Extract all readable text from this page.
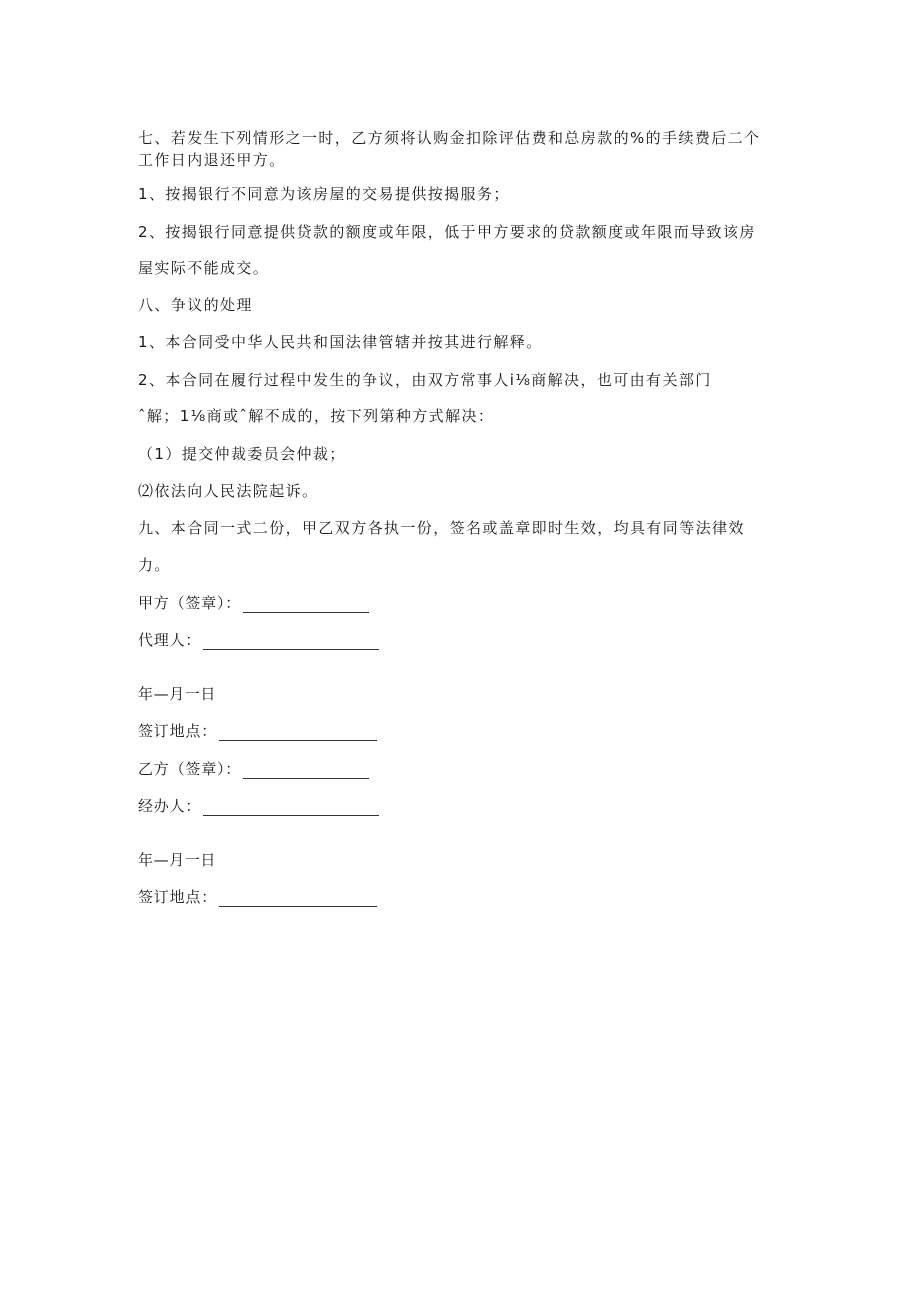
七、若发生下列情形之一时，乙方须将认购金扣除评估费和总房款的%的手续费后二个
工作日内退还甲方。
1、按揭银行不同意为该房屋的交易提供按揭服务；
2、按揭银行同意提供贷款的额度或年限，低于甲方要求的贷款额度或年限而导致该房
屋实际不能成交。
八、争议的处理
1、本合同受中华人民共和国法律管辖并按其进行解释。
2、本合同在履行过程中发生的争议，由双方常事人i⅛商解决，也可由有关部门
ˆ解；1⅛商或ˆ解不成的，按下列第种方式解决：
（1）提交仲裁委员会仲裁；
⑵依法向人民法院起诉。
九、本合同一式二份，甲乙双方各执一份，签名或盖章即时生效，均具有同等法律效
力。
甲方（签章）：
代理人：
年—月一日
签订地点：
乙方（签章）：
经办人：
年—月一日
签订地点：
